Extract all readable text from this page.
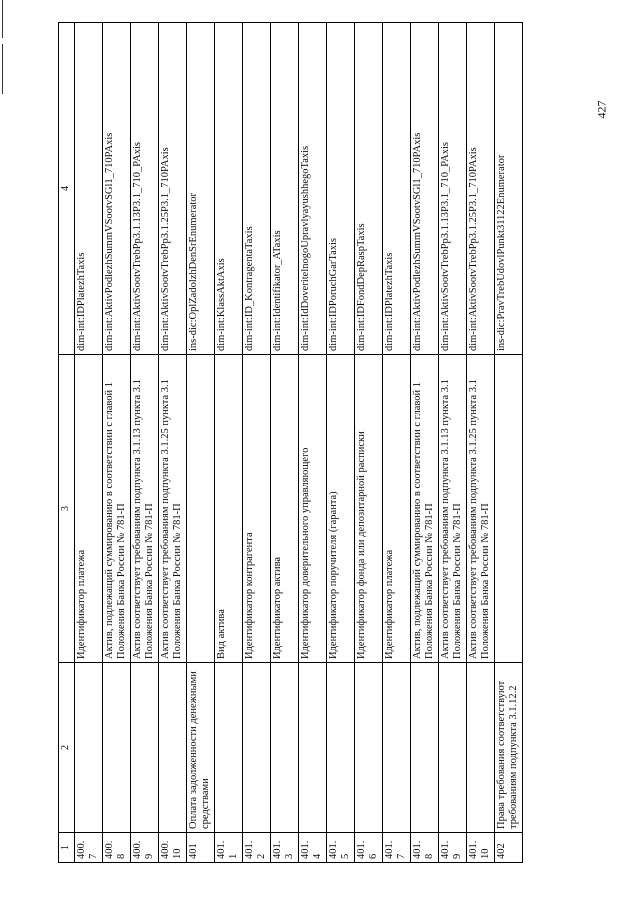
427
1	2	3	4
400.7		Идентификатор платежа	dim-int:IDPlatezhTaxis
400.8		Актив, подлежащий суммированию в соответствии с главой 1 Положения Банка России № 781-П	dim-int:AktivPodlezhSummVSootvSGl1_710PAxis
400.9		Актив соответствует требованиям подпункта 3.1.13 пункта 3.1 Положения Банка России № 781-П	dim-int:AktivSootvTrebPp3.1.13P3.1_710_PAxis
400.10		Актив соответствует требованиям подпункта 3.1.25 пункта 3.1 Положения Банка России № 781-П	dim-int:AktivSootvTrebPp3.1.25P3.1_710PAxis
401	Оплата задолженности денежными средствами		ins-dic:OplZadolzhDenSrEnumerator
401.1		Вид актива	dim-int:KlassAktAxis
401.2		Идентификатор контрагента	dim-int:ID_KontragentaTaxis
401.3		Идентификатор актива	dim-int:Identifikator_ATaxis
401.4		Идентификатор доверительного управляющего	dim-int:IdDoveritelnogoUpravlyayushhegoTaxis
401.5		Идентификатор поручителя (гаранта)	dim-int:IDPoruchGarTaxis
401.6		Идентификатор фонда или депозитарной расписки	dim-int:IDFondDepRaspTaxis
401.7		Идентификатор платежа	dim-int:IDPlatezhTaxis
401.8		Актив, подлежащий суммированию в соответствии с главой 1 Положения Банка России № 781-П	dim-int:AktivPodlezhSummVSootvSGl1_710PAxis
401.9		Актив соответствует требованиям подпункта 3.1.13 пункта 3.1 Положения Банка России № 781-П	dim-int:AktivSootvTrebPp3.1.13P3.1_710_PAxis
401.10		Актив соответствует требованиям подпункта 3.1.25 пункта 3.1 Положения Банка России № 781-П	dim-int:AktivSootvTrebPp3.1.25P3.1_710PAxis
402	Права требования соответствуют требованиям подпункта 3.1.12.2		ins-dic:PravTrebUdovlPunkt31122Enumerator
